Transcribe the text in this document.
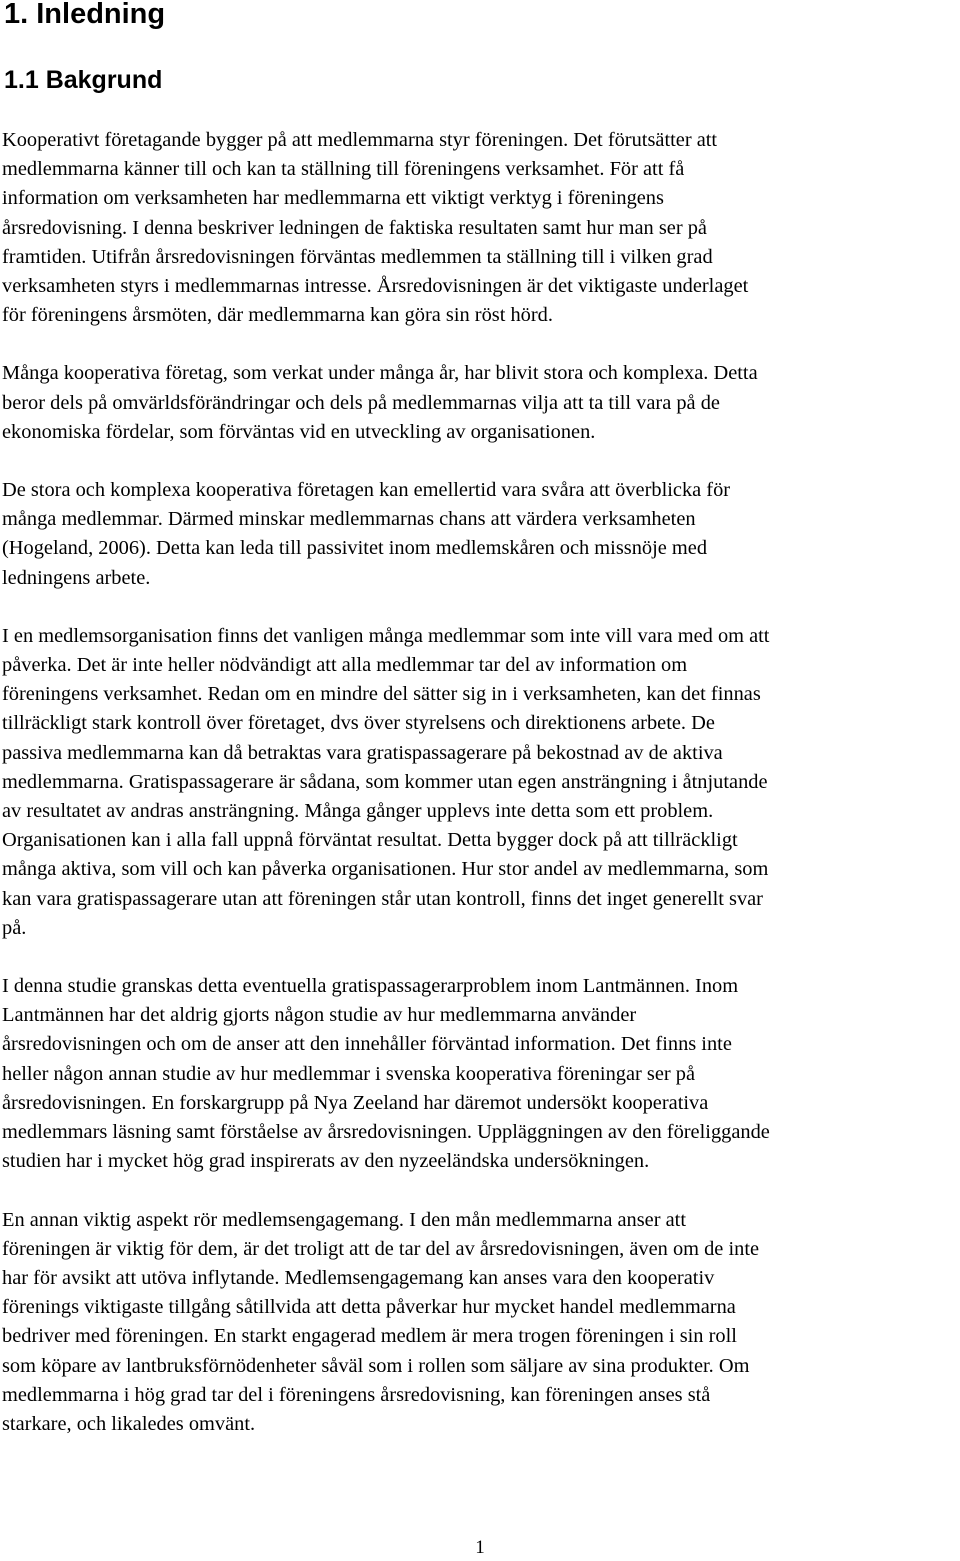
1. Inledning
1.1 Bakgrund

Kooperativt företagande bygger på att medlemmarna styr föreningen. Det förutsätter att
medlemmarna känner till och kan ta ställning till föreningens verksamhet. För att få
information om verksamheten har medlemmarna ett viktigt verktyg i föreningens
årsredovisning. I denna beskriver ledningen de faktiska resultaten samt hur man ser på
framtiden. Utifrån årsredovisningen förväntas medlemmen ta ställning till i vilken grad
verksamheten styrs i medlemmarnas intresse. Årsredovisningen är det viktigaste underlaget
för föreningens årsmöten, där medlemmarna kan göra sin röst hörd.

Många kooperativa företag, som verkat under många år, har blivit stora och komplexa. Detta
beror dels på omvärldsförändringar och dels på medlemmarnas vilja att ta till vara på de
ekonomiska fördelar, som förväntas vid en utveckling av organisationen.

De stora och komplexa kooperativa företagen kan emellertid vara svåra att överblicka för
många medlemmar. Därmed minskar medlemmarnas chans att värdera verksamheten
(Hogeland, 2006). Detta kan leda till passivitet inom medlemskåren och missnöje med
ledningens arbete.

I en medlemsorganisation finns det vanligen många medlemmar som inte vill vara med om att
påverka. Det är inte heller nödvändigt att alla medlemmar tar del av information om
föreningens verksamhet. Redan om en mindre del sätter sig in i verksamheten, kan det finnas
tillräckligt stark kontroll över företaget, dvs över styrelsens och direktionens arbete. De
passiva medlemmarna kan då betraktas vara gratispassagerare på bekostnad av de aktiva
medlemmarna. Gratispassagerare är sådana, som kommer utan egen ansträngning i åtnjutande
av resultatet av andras ansträngning. Många gånger upplevs inte detta som ett problem.
Organisationen kan i alla fall uppnå förväntat resultat. Detta bygger dock på att tillräckligt
många aktiva, som vill och kan påverka organisationen. Hur stor andel av medlemmarna, som
kan vara gratispassagerare utan att föreningen står utan kontroll, finns det inget generellt svar
på.

I denna studie granskas detta eventuella gratispassagerarproblem inom Lantmännen. Inom
Lantmännen har det aldrig gjorts någon studie av hur medlemmarna använder
årsredovisningen och om de anser att den innehåller förväntad information. Det finns inte
heller någon annan studie av hur medlemmar i svenska kooperativa föreningar ser på
årsredovisningen. En forskargrupp på Nya Zeeland har däremot undersökt kooperativa
medlemmars läsning samt förståelse av årsredovisningen. Uppläggningen av den föreliggande
studien har i mycket hög grad inspirerats av den nyzeeländska undersökningen.

En annan viktig aspekt rör medlemsengagemang. I den mån medlemmarna anser att
föreningen är viktig för dem, är det troligt att de tar del av årsredovisningen, även om de inte
har för avsikt att utöva inflytande. Medlemsengagemang kan anses vara den kooperativ
förenings viktigaste tillgång såtillvida att detta påverkar hur mycket handel medlemmarna
bedriver med föreningen. En starkt engagerad medlem är mera trogen föreningen i sin roll
som köpare av lantbruksförnödenheter såväl som i rollen som säljare av sina produkter. Om
medlemmarna i hög grad tar del i föreningens årsredovisning, kan föreningen anses stå
starkare, och likaledes omvänt.

1
